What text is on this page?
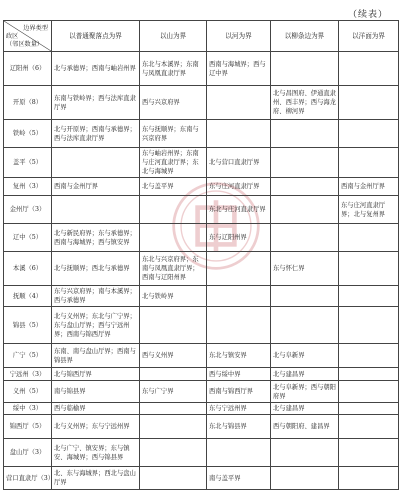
（续表）
边界类型
政区
（邻区数量）	以普通聚落点为界	以山为界	以河为界	以柳条边为界	以洋面为界
辽阳州（6）	北与承德界；西南与岫岩州界	东北与本溪界；东南与凤凰直隶厅界	西南与海城界；西与辽中界		
开原（8）	东南与铁岭界；西与法库直隶厅界	西与兴京府界		北与昌图府、伊通直隶州、西丰界；西与海龙府、柳河界	
铁岭（5）	北与开原界；西南与承德界；西与法库直隶厅界	东与抚顺界；东南与兴京府界			
盖平（5）		东与岫岩州界；东南与庄河直隶厅界；东北与海城界	北与营口直隶厅界		
复州（3）	西南与金州厅界	北与盖平界	东与庄河直隶厅界		西南与金州厅界
金州厅（3）			东北与庄河直隶厅界		东与庄河直隶厅界；北与复州界
辽中（5）	北与新民府界；东与承德界；西南与海城界；西与镇安界		东与辽阳州界		
本溪（6）	北与抚顺界；西北与承德界	东北与兴京府界；东南与凤凰直隶厅界；西南与辽阳州界		东与怀仁界	
抚顺（4）	东与兴京府界；南与本溪界；西与承德界	北与铁岭界			
锦县（5）	北与义州界；东北与广宁界；东与盘山厅界；西与宁远州界；西南与锦西厅界				
广宁（5）	东南、南与盘山厅界；西南与锦县界	西与义州界	东北与镇安界	北与阜新界	
宁远州（3）	北与锦西厅界		西与绥中界	北与建昌界	
义州（5）	南与锦县界	东与广宁界	西南与锦西厅界	北与阜新界；西与朝阳府界	
绥中（3）	西与临榆界		东与宁远州界	北与建昌界	
锦西厅（5）	北与义州界；东与宁远州界		东北与锦县界	西与朝阳府、建昌界	
盘山厅（3）	北与广宁、镇安界；东与镇安、海城界；西与锦县界				
营口直隶厅（3）	北、东与海城界；西北与盘山厅界		南与盖平界		
